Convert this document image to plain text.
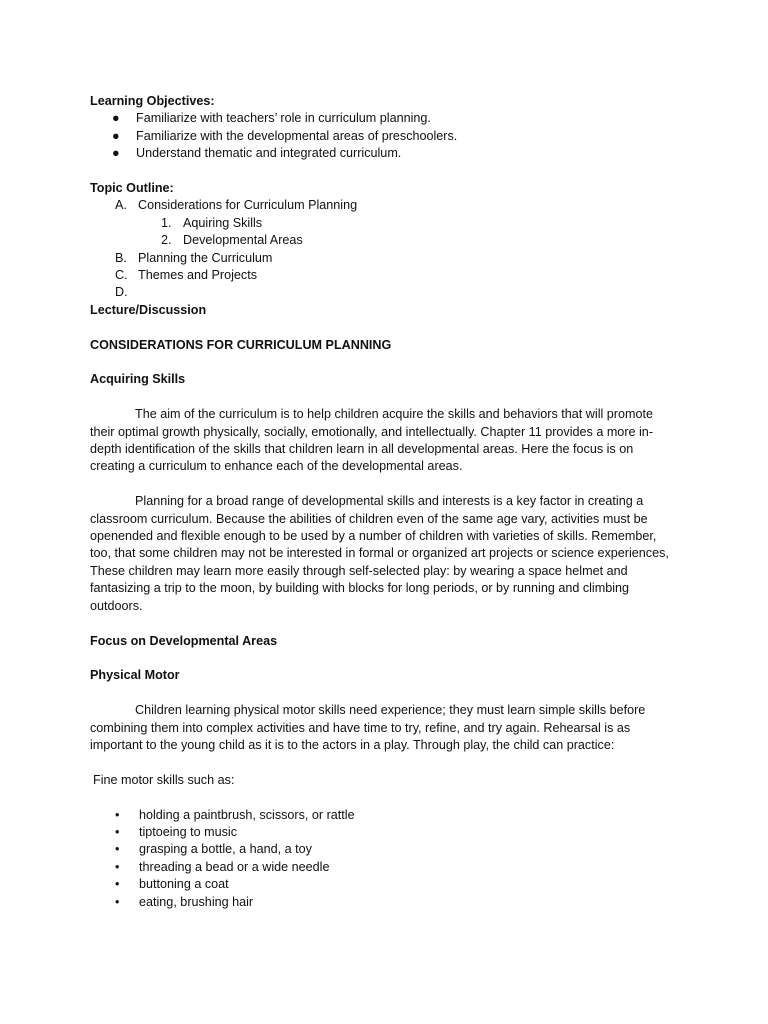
Learning Objectives:
● Familiarize with teachers’ role in curriculum planning.
● Familiarize with the developmental areas of preschoolers.
● Understand thematic and integrated curriculum.
Topic Outline:
A. Considerations for Curriculum Planning
1. Aquiring Skills
2. Developmental Areas
B. Planning the Curriculum
C. Themes and Projects
D.

Lecture/Discussion
CONSIDERATIONS FOR CURRICULUM PLANNING
Acquiring Skills

The aim of the curriculum is to help children acquire the skills and behaviors that will promote their optimal growth physically, socially, emotionally, and intellectually. Chapter 11 provides a more in-depth identification of the skills that children learn in all developmental areas. Here the focus is on creating a curriculum to enhance each of the developmental areas.

Planning for a broad range of developmental skills and interests is a key factor in creating a classroom curriculum. Because the abilities of children even of the same age vary, activities must be openended and flexible enough to be used by a number of children with varieties of skills. Remember, too, that some children may not be interested in formal or organized art projects or science experiences, These children may learn more easily through self-selected play: by wearing a space helmet and fantasizing a trip to the moon, by building with blocks for long periods, or by running and climbing outdoors.

Focus on Developmental Areas
Physical Motor

Children learning physical motor skills need experience; they must learn simple skills before combining them into complex activities and have time to try, refine, and try again. Rehearsal is as important to the young child as it is to the actors in a play. Through play, the child can practice:

Fine motor skills such as:
• holding a paintbrush, scissors, or rattle
• tiptoeing to music
• grasping a bottle, a hand, a toy
• threading a bead or a wide needle
• buttoning a coat
• eating, brushing hair
